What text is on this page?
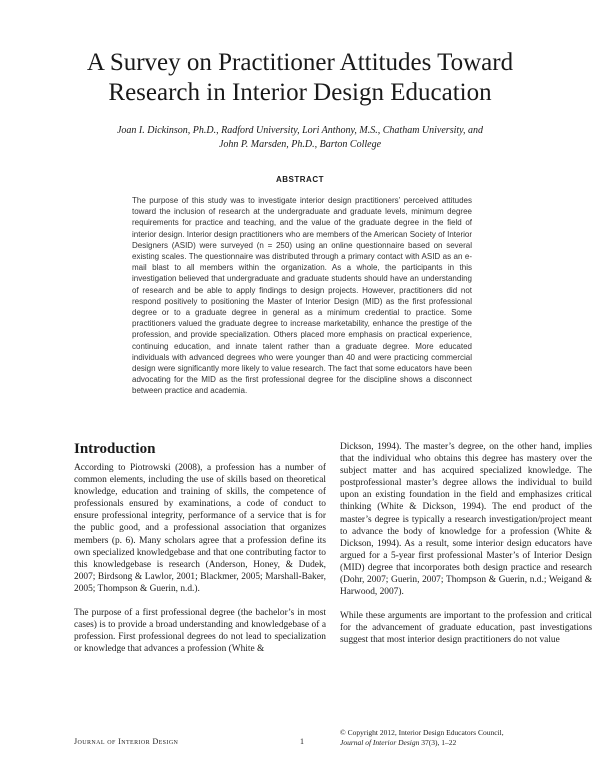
A Survey on Practitioner Attitudes Toward
Research in Interior Design Education
Joan I. Dickinson, Ph.D., Radford University, Lori Anthony, M.S., Chatham University, and
John P. Marsden, Ph.D., Barton College
ABSTRACT

The purpose of this study was to investigate interior design practitioners’ perceived attitudes toward the inclusion of research at the undergraduate and graduate levels, minimum degree requirements for practice and teaching, and the value of the graduate degree in the field of interior design. Interior design practitioners who are members of the American Society of Interior Designers (ASID) were surveyed (n = 250) using an online questionnaire based on several existing scales. The questionnaire was distributed through a primary contact with ASID as an e-mail blast to all members within the organization. As a whole, the participants in this investigation believed that undergraduate and graduate students should have an understanding of research and be able to apply findings to design projects. However, practitioners did not respond positively to positioning the Master of Interior Design (MID) as the first professional degree or to a graduate degree in general as a minimum credential to practice. Some practitioners valued the graduate degree to increase marketability, enhance the prestige of the profession, and provide specialization. Others placed more emphasis on practical experience, continuing education, and innate talent rather than a graduate degree. More educated individuals with advanced degrees who were younger than 40 and were practicing commercial design were significantly more likely to value research. The fact that some educators have been advocating for the MID as the first professional degree for the discipline shows a disconnect between practice and academia.

Introduction

According to Piotrowski (2008), a profession has a number of common elements, including the use of skills based on theoretical knowledge, education and training of skills, the competence of professionals ensured by examinations, a code of conduct to ensure professional integrity, performance of a service that is for the public good, and a professional association that organizes members (p. 6). Many scholars agree that a profession define its own specialized knowledgebase and that one contributing factor to this knowledgebase is research (Anderson, Honey, & Dudek, 2007; Birdsong & Lawlor, 2001; Blackmer, 2005; Marshall-Baker, 2005; Thompson & Guerin, n.d.).

The purpose of a first professional degree (the bachelor’s in most cases) is to provide a broad understanding and knowledgebase of a profession. First professional degrees do not lead to specialization or knowledge that advances a profession (White &

Dickson, 1994). The master’s degree, on the other hand, implies that the individual who obtains this degree has mastery over the subject matter and has acquired specialized knowledge. The postprofessional master’s degree allows the individual to build upon an existing foundation in the field and emphasizes critical thinking (White & Dickson, 1994). The end product of the master’s degree is typically a research investigation/project meant to advance the body of knowledge for a profession (White & Dickson, 1994). As a result, some interior design educators have argued for a 5-year first professional Master’s of Interior Design (MID) degree that incorporates both design practice and research (Dohr, 2007; Guerin, 2007; Thompson & Guerin, n.d.; Weigand & Harwood, 2007).

While these arguments are important to the profession and critical for the advancement of graduate education, past investigations suggest that most interior design practitioners do not value

Journal of Interior Design	1
© Copyright 2012, Interior Design Educators Council,
Journal of Interior Design 37(3), 1–22
